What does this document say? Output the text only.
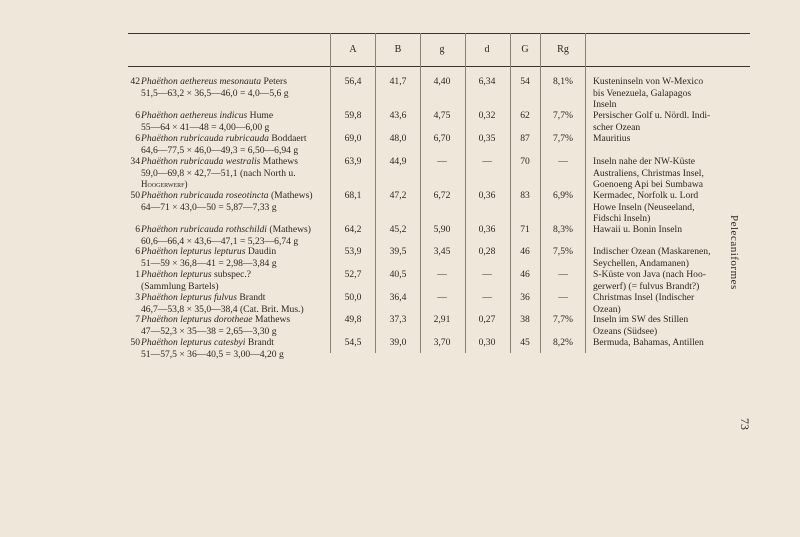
A	B	g	d	G	Rg
42 Phaëthon aethereus mesonauta Peters
51,5—63,2 × 36,5—46,0 = 4,0—5,6 g
56,4	41,7	4,40	6,34	54	8,1%	Kusteninseln von W-Mexico
bis Venezuela, Galapagos
Inseln
6 Phaëthon aethereus indicus Hume
55—64 × 41—48 = 4,00—6,00 g
59,8	43,6	4,75	0,32	62	7,7%	Persischer Golf u. Nördl. Indi-
scher Ozean
6 Phaëthon rubricauda rubricauda Boddaert
64,6—77,5 × 46,0—49,3 = 6,50—6,94 g
69,0	48,0	6,70	0,35	87	7,7%	Mauritius
34 Phaëthon rubricauda westralis Mathews
59,0—69,8 × 42,7—51,1 (nach North u.
Hoogerwerf)
63,9	44,9	—	—	70	—	Inseln nahe der NW-Küste
Australiens, Christmas Insel,
Goenoeng Api bei Sumbawa
50 Phaëthon rubricauda roseotincta (Mathews)
64—71 × 43,0—50 = 5,87—7,33 g
68,1	47,2	6,72	0,36	83	6,9%	Kermadec, Norfolk u. Lord
Howe Inseln (Neuseeland,
Fidschi Inseln)
6 Phaëthon rubricauda rothschildi (Mathews)
60,6—66,4 × 43,6—47,1 = 5,23—6,74 g
64,2	45,2	5,90	0,36	71	8,3%	Hawaii u. Bonin Inseln
6 Phaëthon lepturus lepturus Daudin
51—59 × 36,8—41 = 2,98—3,84 g
53,9	39,5	3,45	0,28	46	7,5%	Indischer Ozean (Maskarenen,
Seychellen, Andamanen)
1 Phaëthon lepturus subspec.?
(Sammlung Bartels)
52,7	40,5	—	—	46	—	S-Küste von Java (nach Hoo-
gerwerf) (= fulvus Brandt?)
3 Phaëthon lepturus fulvus Brandt
46,7—53,8 × 35,0—38,4 (Cat. Brit. Mus.)
50,0	36,4	—	—	36	—	Christmas Insel (Indischer
Ozean)
7 Phaëthon lepturus dorotheae Mathews
47—52,3 × 35—38 = 2,65—3,30 g
49,8	37,3	2,91	0,27	38	7,7%	Inseln im SW des Stillen
Ozeans (Südsee)
50 Phaëthon lepturus catesbyi Brandt
51—57,5 × 36—40,5 = 3,00—4,20 g
54,5	39,0	3,70	0,30	45	8,2%	Bermuda, Bahamas, Antillen
Pelecaniformes
73
